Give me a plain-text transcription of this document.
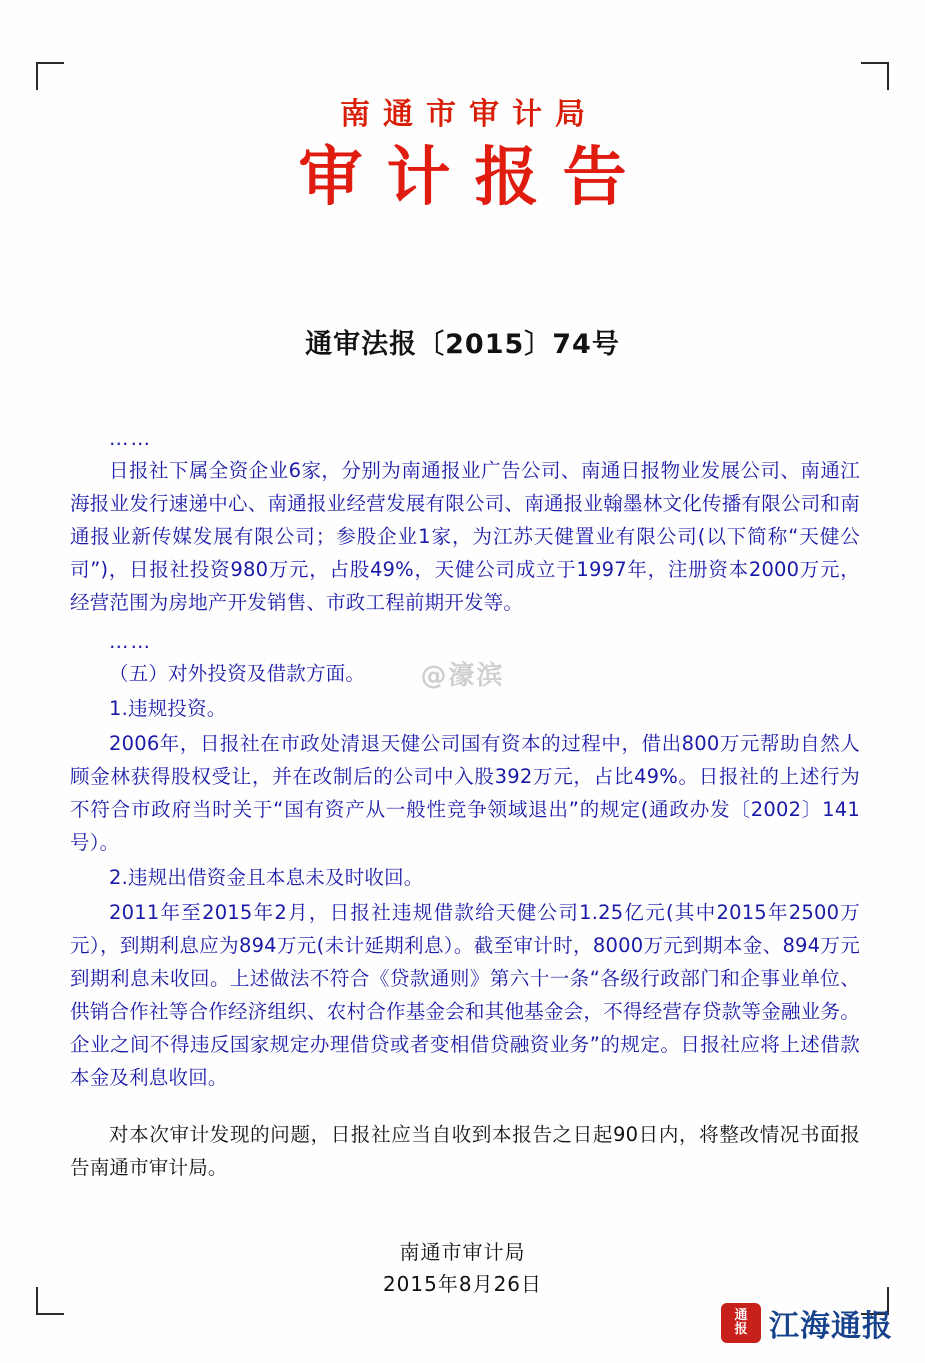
南通市审计局
审计报告
通审法报〔2015〕74号
……

日报社下属全资企业6家，分别为南通报业广告公司、南通日报物业发展公司、南通江海报业发行速递中心、南通报业经营发展有限公司、南通报业翰墨林文化传播有限公司和南通报业新传媒发展有限公司；参股企业1家，为江苏天健置业有限公司(以下简称“天健公司”)，日报社投资980万元，占股49%，天健公司成立于1997年，注册资本2000万元，经营范围为房地产开发销售、市政工程前期开发等。

……

（五）对外投资及借款方面。

1.违规投资。

2006年，日报社在市政处清退天健公司国有资本的过程中，借出800万元帮助自然人顾金林获得股权受让，并在改制后的公司中入股392万元，占比49%。日报社的上述行为不符合市政府当时关于“国有资产从一般性竞争领域退出”的规定(通政办发〔2002〕141号）。

2.违规出借资金且本息未及时收回。

2011年至2015年2月，日报社违规借款给天健公司1.25亿元(其中2015年2500万元），到期利息应为894万元(未计延期利息）。截至审计时，8000万元到期本金、894万元到期利息未收回。上述做法不符合《贷款通则》第六十一条“各级行政部门和企事业单位、供销合作社等合作经济组织、农村合作基金会和其他基金会，不得经营存贷款等金融业务。企业之间不得违反国家规定办理借贷或者变相借贷融资业务”的规定。日报社应将上述借款本金及利息收回。

对本次审计发现的问题，日报社应当自收到本报告之日起90日内，将整改情况书面报告南通市审计局。

@濠滨
南通市审计局
2015年8月26日
通
报 江海通报
